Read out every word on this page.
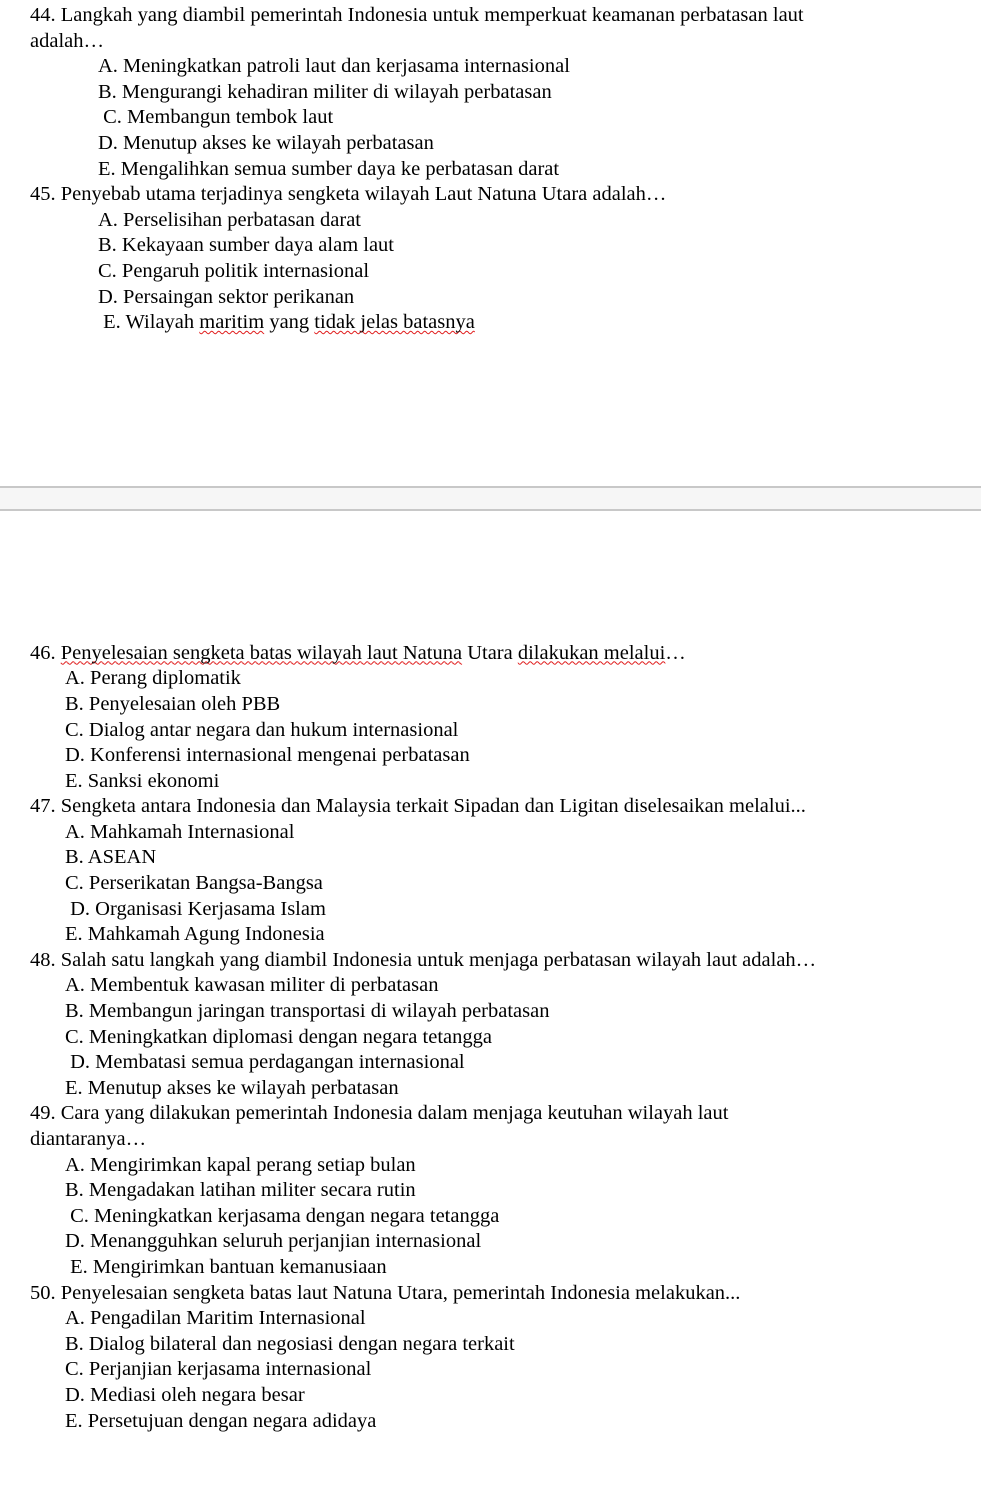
44. Langkah yang diambil pemerintah Indonesia untuk memperkuat keamanan perbatasan laut
adalah…
A. Meningkatkan patroli laut dan kerjasama internasional
B. Mengurangi kehadiran militer di wilayah perbatasan
C. Membangun tembok laut
D. Menutup akses ke wilayah perbatasan
E. Mengalihkan semua sumber daya ke perbatasan darat
45. Penyebab utama terjadinya sengketa wilayah Laut Natuna Utara adalah…
A. Perselisihan perbatasan darat
B. Kekayaan sumber daya alam laut
C. Pengaruh politik internasional
D. Persaingan sektor perikanan
E. Wilayah maritim yang tidak jelas batasnya
46. Penyelesaian sengketa batas wilayah laut Natuna Utara dilakukan melalui…
A. Perang diplomatik
B. Penyelesaian oleh PBB
C. Dialog antar negara dan hukum internasional
D. Konferensi internasional mengenai perbatasan
E. Sanksi ekonomi
47. Sengketa antara Indonesia dan Malaysia terkait Sipadan dan Ligitan diselesaikan melalui...
A. Mahkamah Internasional
B. ASEAN
C. Perserikatan Bangsa-Bangsa
D. Organisasi Kerjasama Islam
E. Mahkamah Agung Indonesia
48. Salah satu langkah yang diambil Indonesia untuk menjaga perbatasan wilayah laut adalah…
A. Membentuk kawasan militer di perbatasan
B. Membangun jaringan transportasi di wilayah perbatasan
C. Meningkatkan diplomasi dengan negara tetangga
D. Membatasi semua perdagangan internasional
E. Menutup akses ke wilayah perbatasan
49. Cara yang dilakukan pemerintah Indonesia dalam menjaga keutuhan wilayah laut
diantaranya…
A. Mengirimkan kapal perang setiap bulan
B. Mengadakan latihan militer secara rutin
C. Meningkatkan kerjasama dengan negara tetangga
D. Menangguhkan seluruh perjanjian internasional
E. Mengirimkan bantuan kemanusiaan
50. Penyelesaian sengketa batas laut Natuna Utara, pemerintah Indonesia melakukan...
A. Pengadilan Maritim Internasional
B. Dialog bilateral dan negosiasi dengan negara terkait
C. Perjanjian kerjasama internasional
D. Mediasi oleh negara besar
E. Persetujuan dengan negara adidaya
